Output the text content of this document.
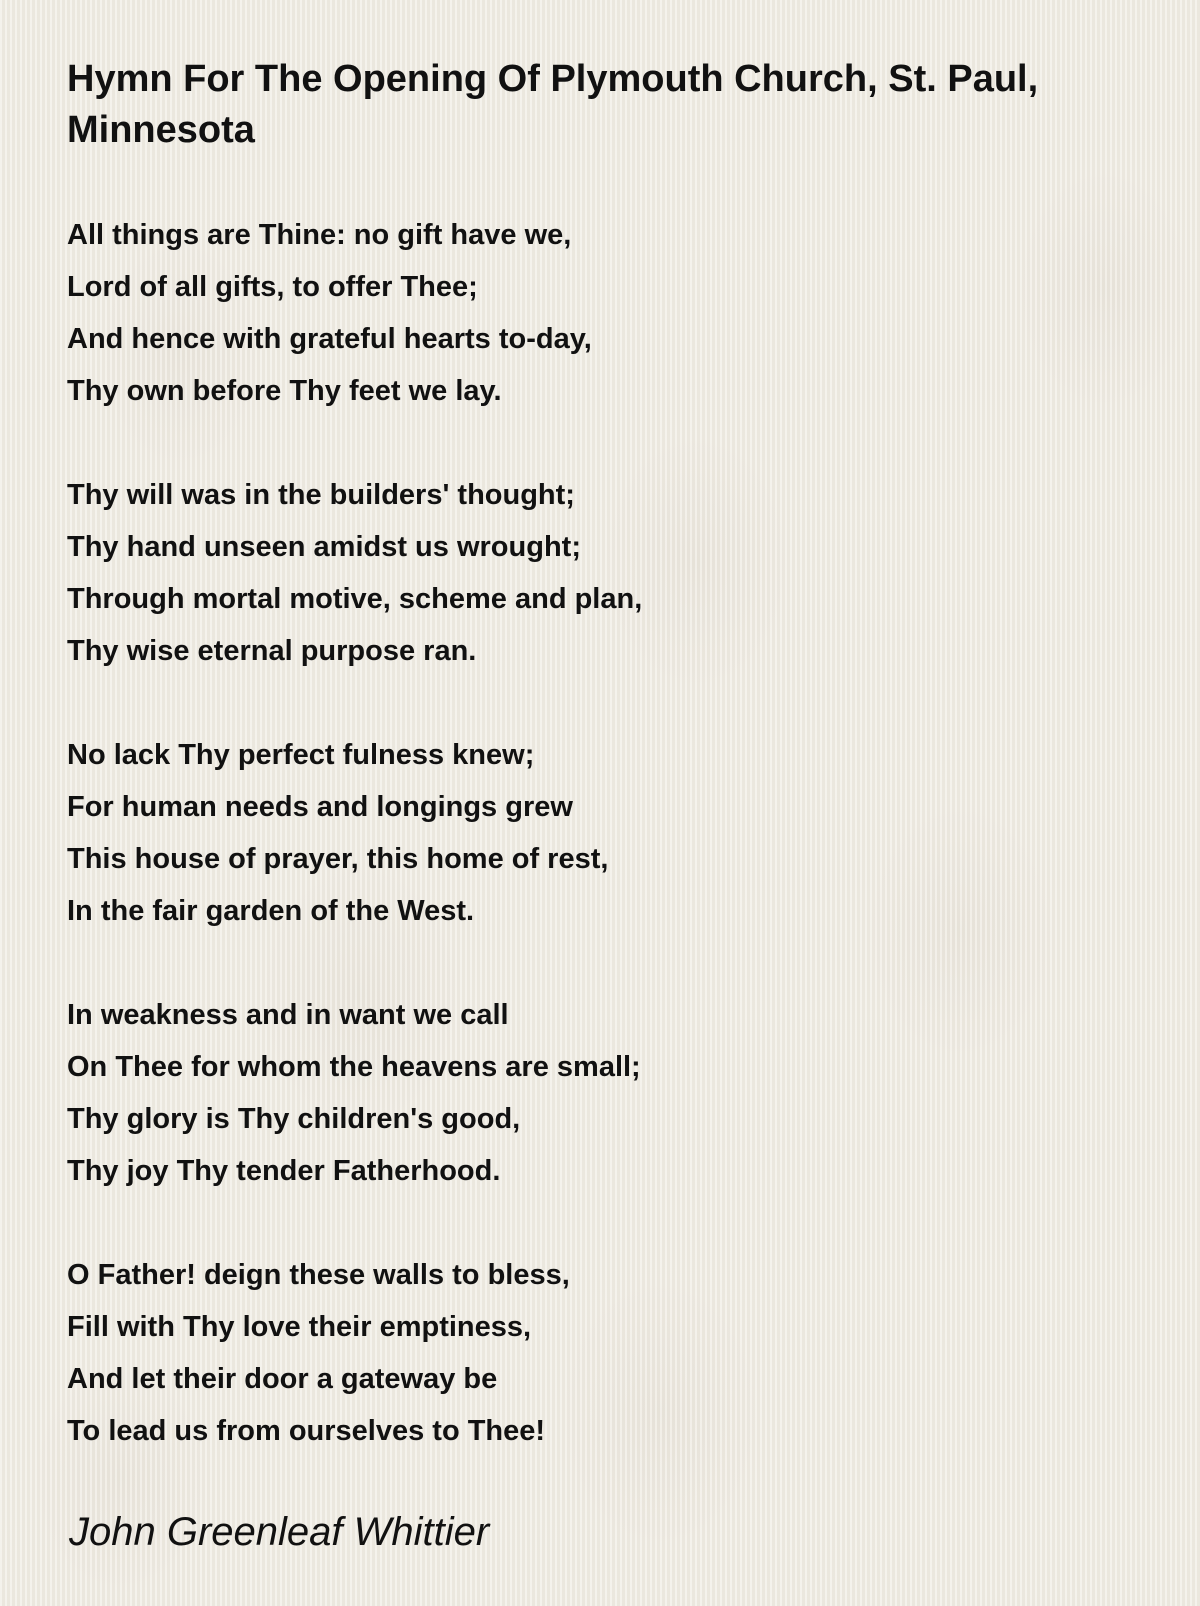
Hymn For The Opening Of Plymouth Church, St. Paul, Minnesota
All things are Thine: no gift have we,
Lord of all gifts, to offer Thee;
And hence with grateful hearts to-day,
Thy own before Thy feet we lay.
Thy will was in the builders' thought;
Thy hand unseen amidst us wrought;
Through mortal motive, scheme and plan,
Thy wise eternal purpose ran.
No lack Thy perfect fulness knew;
For human needs and longings grew
This house of prayer, this home of rest,
In the fair garden of the West.
In weakness and in want we call
On Thee for whom the heavens are small;
Thy glory is Thy children's good,
Thy joy Thy tender Fatherhood.
O Father! deign these walls to bless,
Fill with Thy love their emptiness,
And let their door a gateway be
To lead us from ourselves to Thee!
John Greenleaf Whittier
